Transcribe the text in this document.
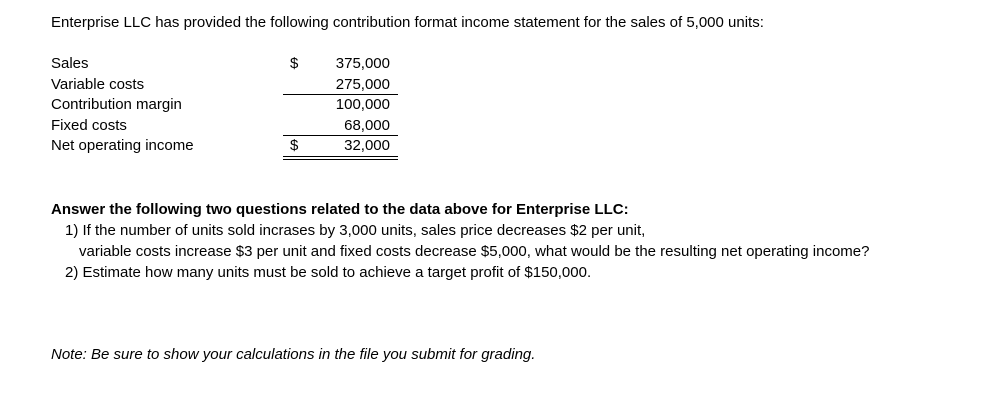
Enterprise LLC has provided the following contribution format income statement for the sales of 5,000 units:
Sales	$ 375,000
Variable costs	275,000
Contribution margin	100,000
Fixed costs	68,000
Net operating income	$	32,000
Answer the following two questions related to the data above for Enterprise LLC:
1) If the number of units sold incrases by 3,000 units, sales price decreases $2 per unit,
variable costs increase $3 per unit and fixed costs decrease $5,000, what would be the resulting net operating income?
2) Estimate how many units must be sold to achieve a target profit of $150,000.
Note: Be sure to show your calculations in the file you submit for grading.
